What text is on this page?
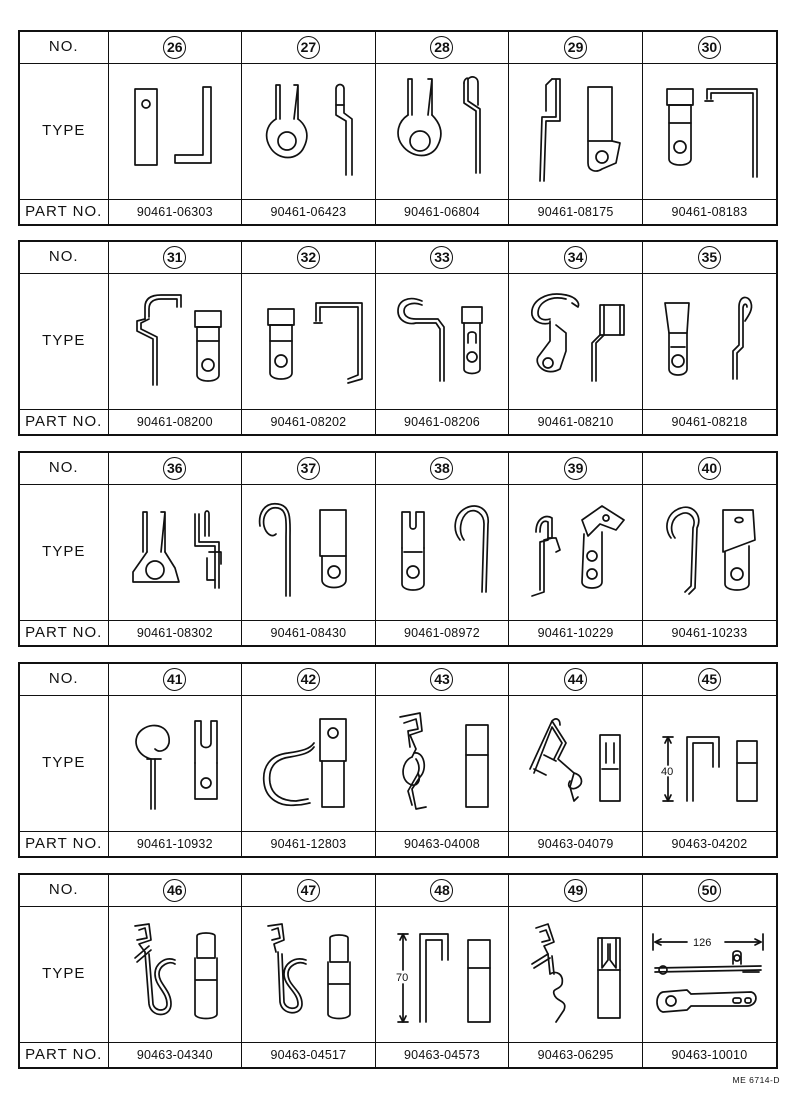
NO.	26	27	28	29	30
TYPE	

PART NO.	90461-06303	90461-06423	90461-06804	90461-08175	90461-08183
NO.	31	32	33	34	35
TYPE	

PART NO.	90461-08200	90461-08202	90461-08206	90461-08210	90461-08218
NO.	36	37	38	39	40
TYPE	

PART NO.	90461-08302	90461-08430	90461-08972	90461-10229	90461-10233
NO.	41	42	43	44	45
TYPE					40

PART NO.	90461-10932	90461-12803	90463-04008	90463-04079	90463-04202
NO.	46	47	48	49	50
TYPE			70		126

PART NO.	90463-04340	90463-04517	90463-04573	90463-06295	90463-10010
ME 6714-D
